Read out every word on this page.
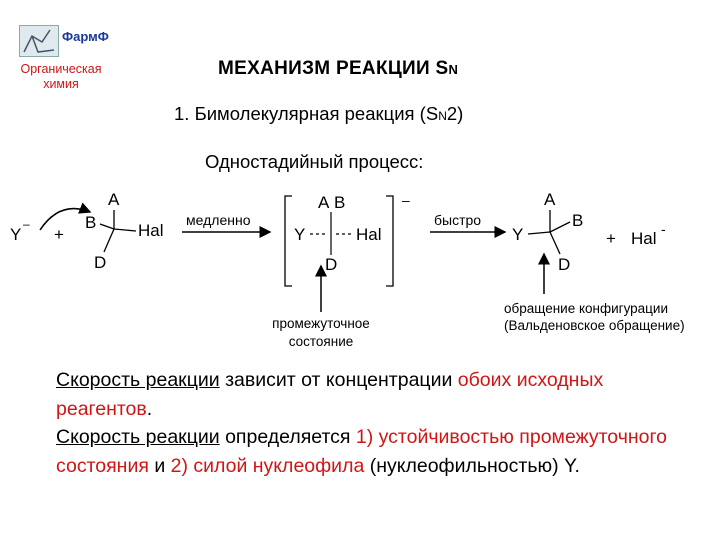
ФармФ
Органическая химия
МЕХАНИЗМ РЕАКЦИИ SN
1. Бимолекулярная реакция (SN2)
Одностадийный процесс:
Y
–
+
A
B Hal
D
медленно
–
A B
Y	Hal
D
быстро
Y
A
B
D
+ Hal -
промежуточное
состояние
обращение конфигурации
(Вальденовское обращение)
Скорость реакции зависит от концентрации обоих исходных реагентов.
Скорость реакции определяется 1) устойчивостью промежуточного состояния и 2) силой нуклеофила (нуклеофильностью) Y.
